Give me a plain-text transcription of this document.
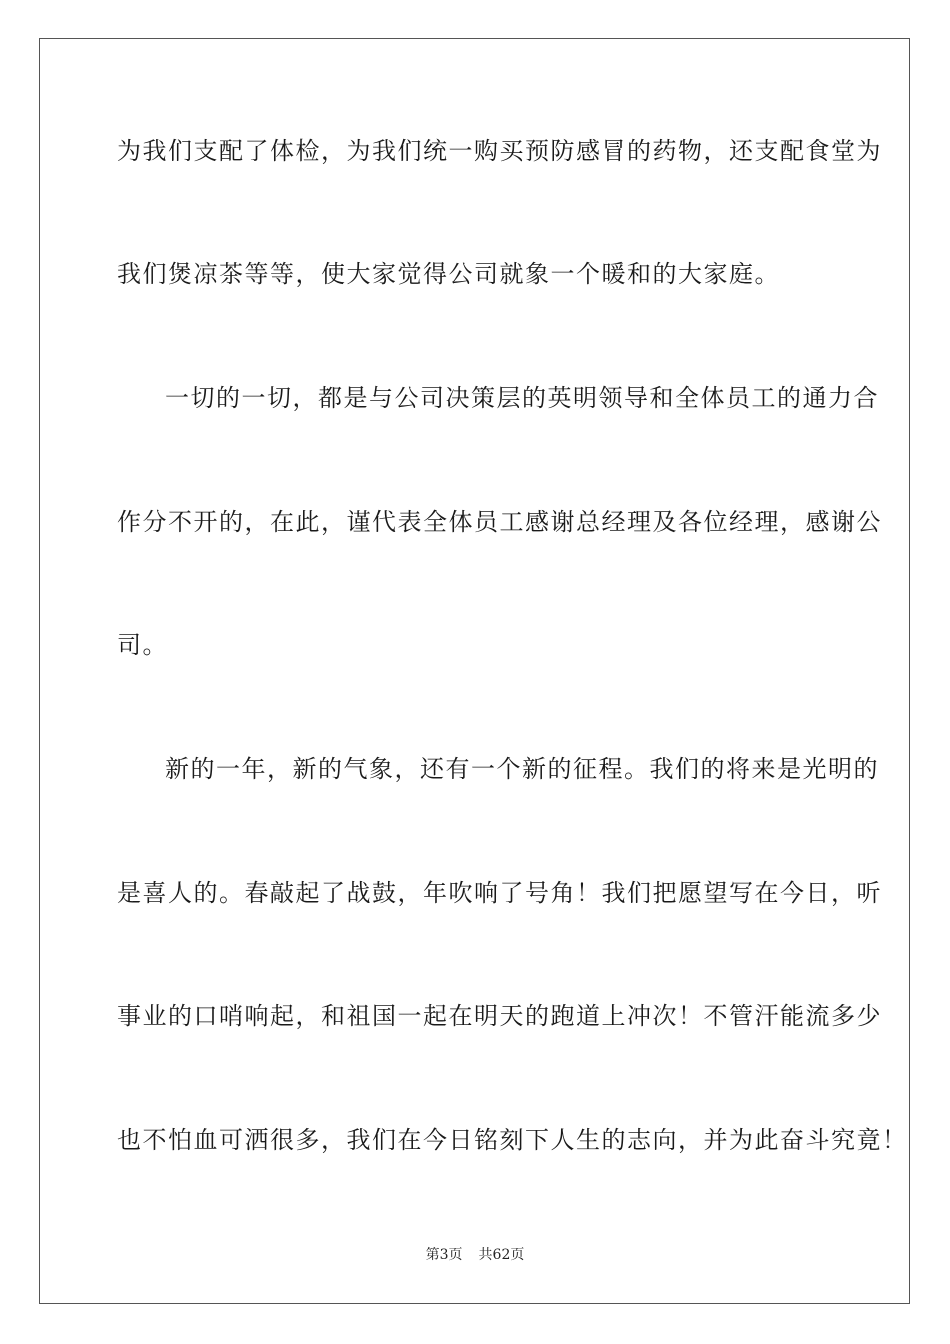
为我们支配了体检，为我们统一购买预防感冒的药物，还支配食堂为

我们煲凉茶等等，使大家觉得公司就象一个暖和的大家庭。

一切的一切，都是与公司决策层的英明领导和全体员工的通力合

作分不开的，在此，谨代表全体员工感谢总经理及各位经理，感谢公

司。

新的一年，新的气象，还有一个新的征程。我们的将来是光明的

是喜人的。春敲起了战鼓，年吹响了号角！我们把愿望写在今日，听

事业的口哨响起，和祖国一起在明天的跑道上冲次！不管汗能流多少

也不怕血可洒很多，我们在今日铭刻下人生的志向，并为此奋斗究竟！

第3页 共62页
